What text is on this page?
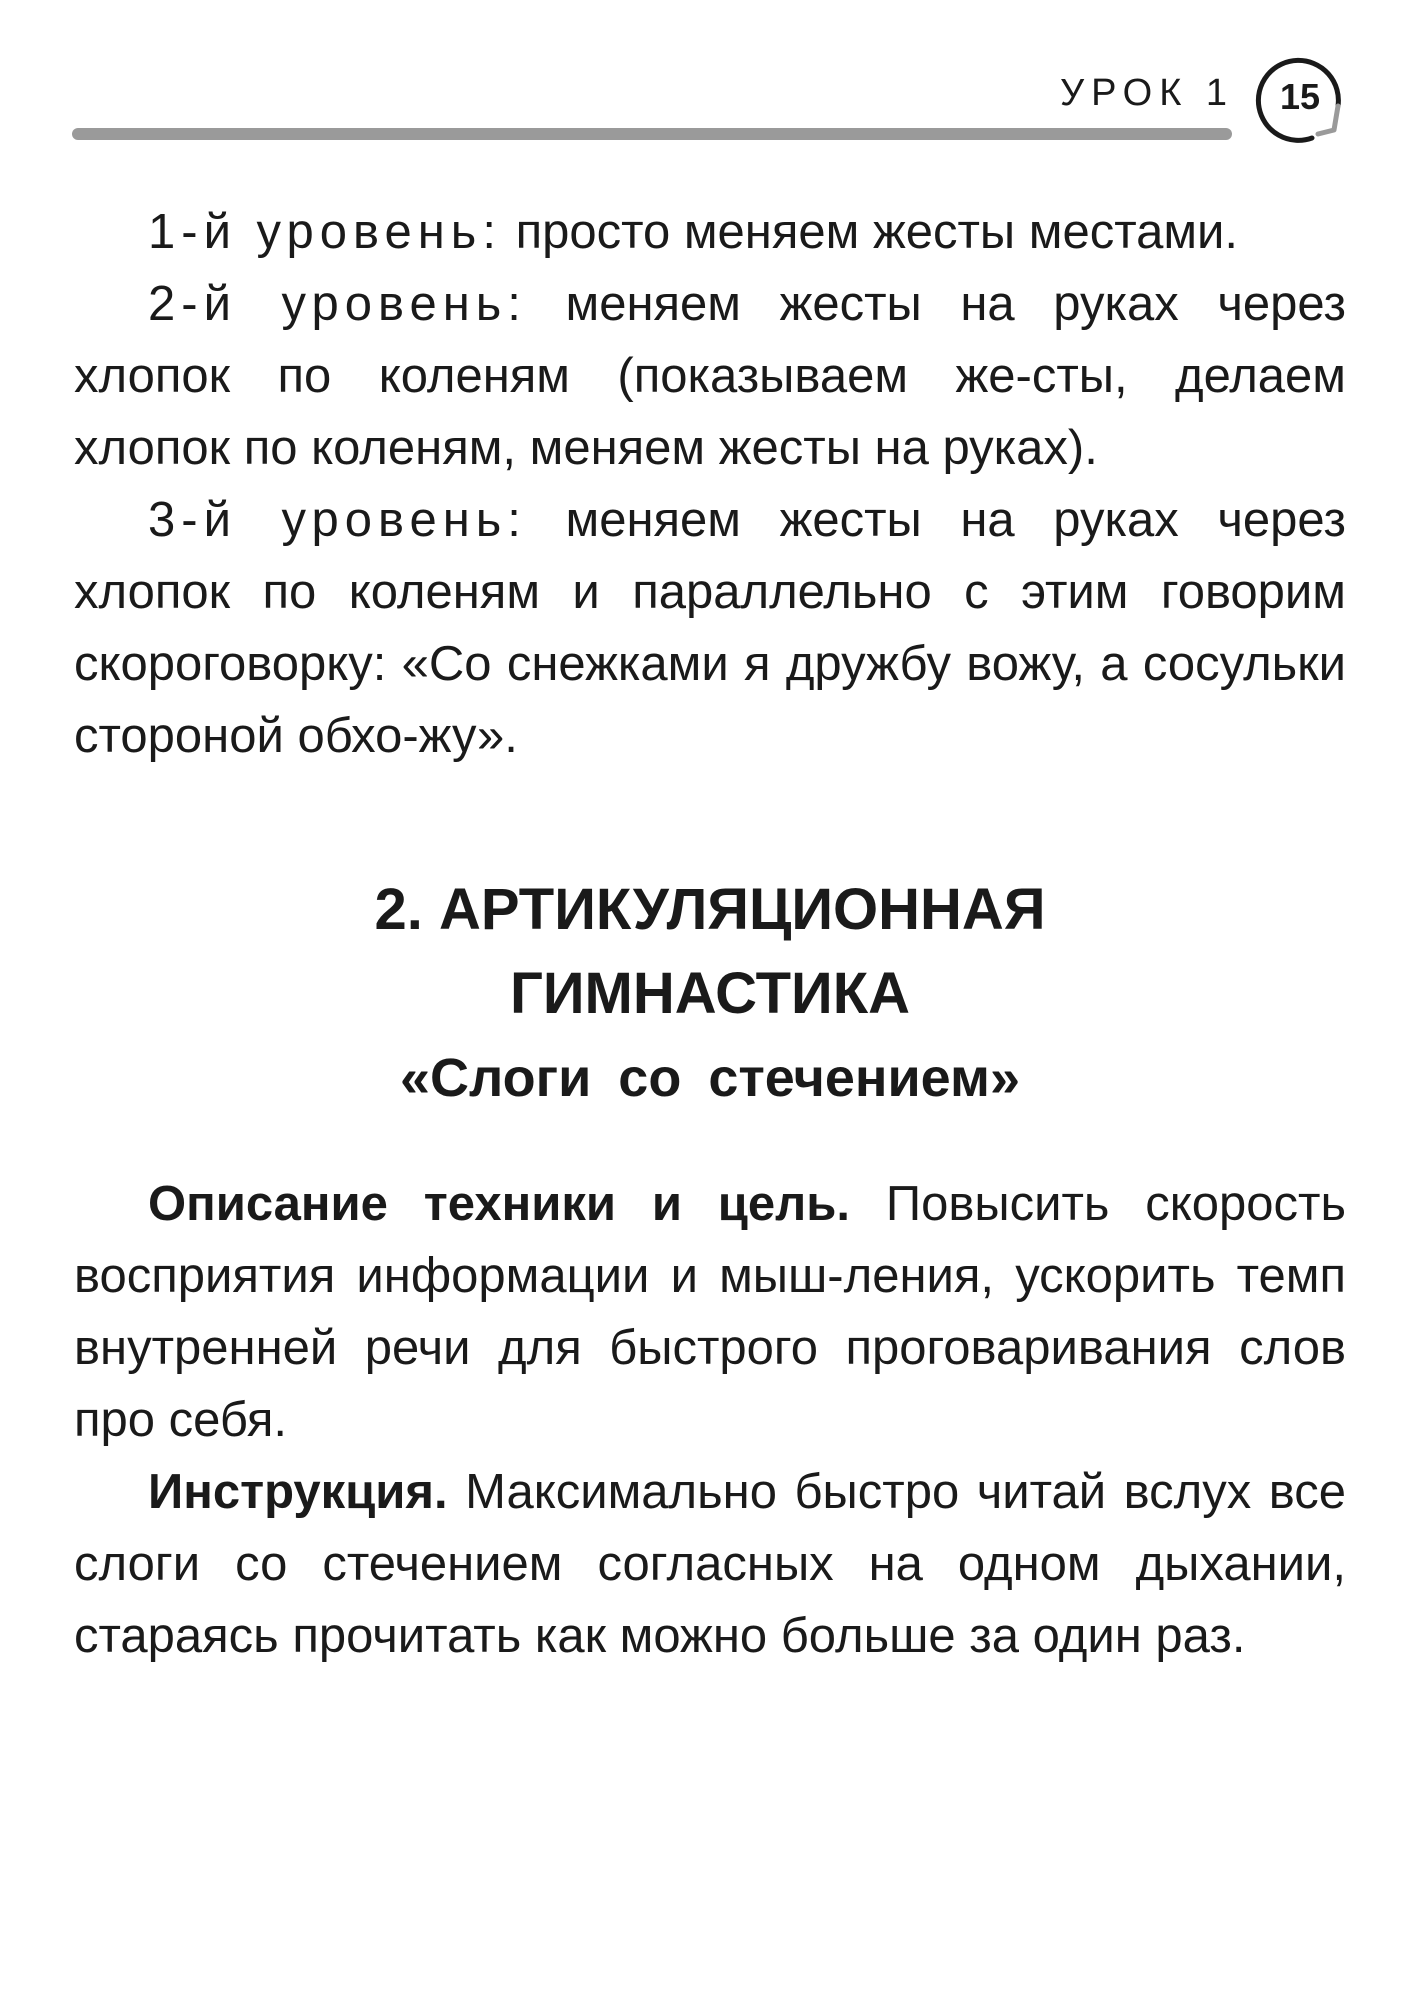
УРОК 1	15

1-й уровень: просто меняем жесты местами.

2-й уровень: меняем жесты на руках через хлопок по коленям (показываем же-сты, делаем хлопок по коленям, меняем жесты на руках).

3-й уровень: меняем жесты на руках через хлопок по коленям и параллельно с этим говорим скороговорку: «Со снежками я дружбу вожу, а сосульки стороной обхо-жу».

2. АРТИКУЛЯЦИОННАЯ
ГИМНАСТИКА
«Слоги со стечением»

Описание техники и цель. Повысить скорость восприятия информации и мыш-ления, ускорить темп внутренней речи для быстрого проговаривания слов про себя.

Инструкция. Максимально быстро читай вслух все слоги со стечением согласных на одном дыхании, стараясь прочитать как можно больше за один раз.
